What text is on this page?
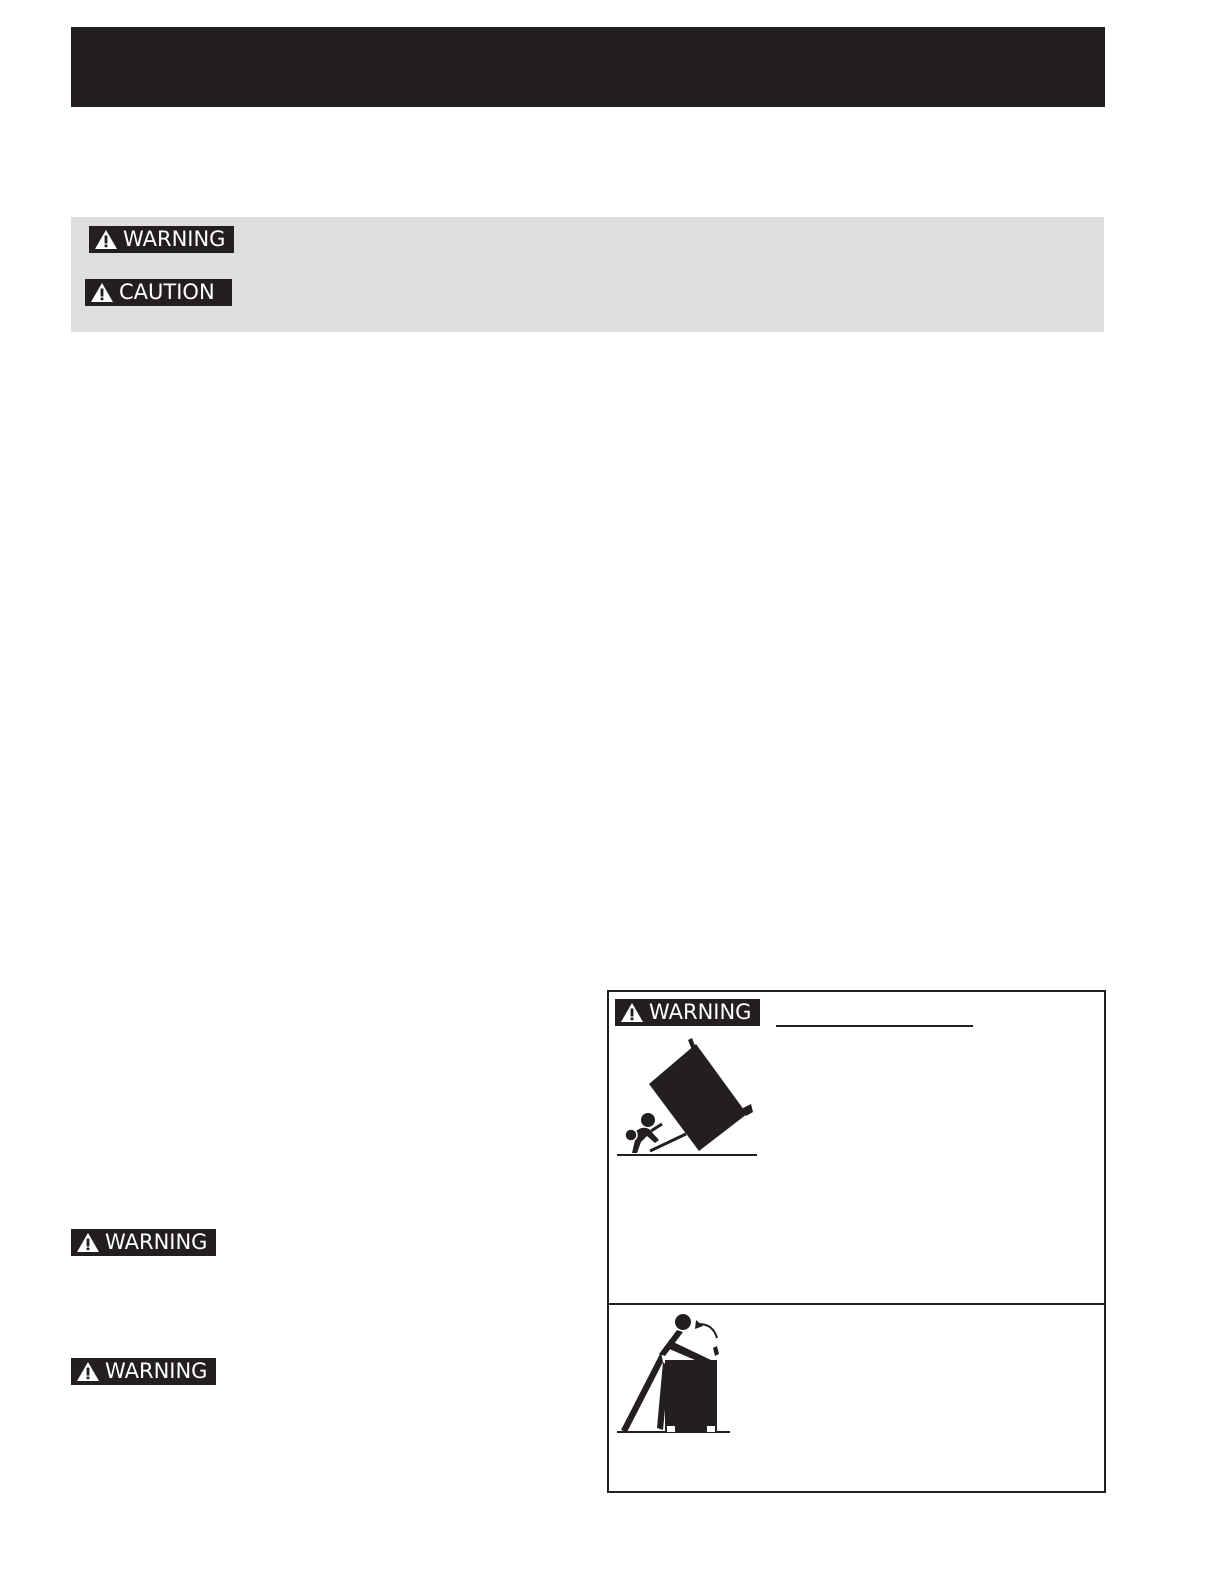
WARNING
CAUTION
WARNING
WARNING
WARNING
